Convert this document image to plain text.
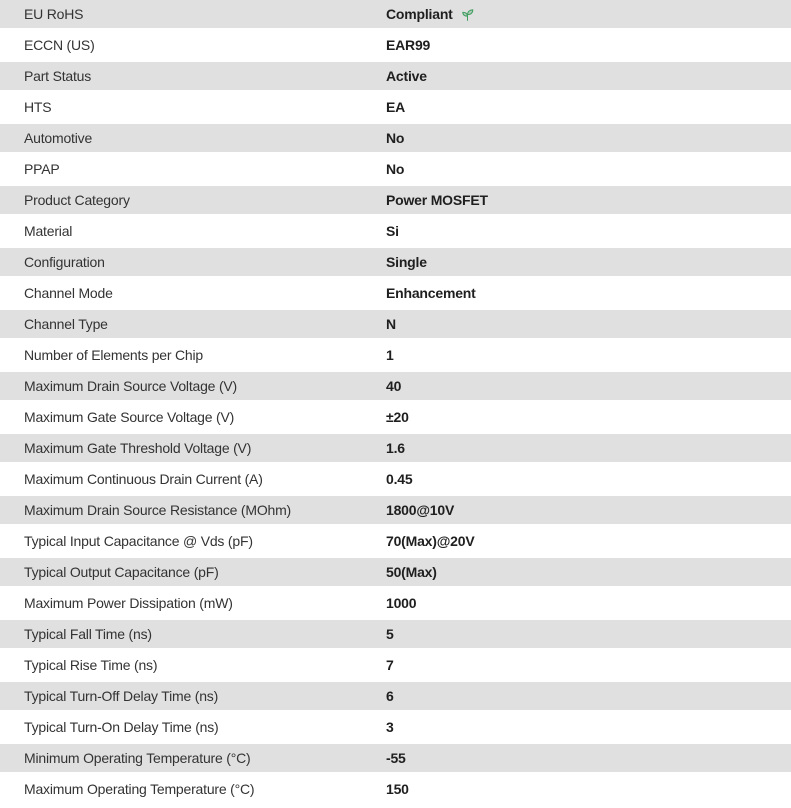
EU RoHS	Compliant
ECCN (US)	EAR99
Part Status	Active
HTS	EA
Automotive	No
PPAP	No
Product Category	Power MOSFET
Material	Si
Configuration	Single
Channel Mode	Enhancement
Channel Type	N
Number of Elements per Chip	1
Maximum Drain Source Voltage (V)	40
Maximum Gate Source Voltage (V)	±20
Maximum Gate Threshold Voltage (V)	1.6
Maximum Continuous Drain Current (A)	0.45
Maximum Drain Source Resistance (MOhm)	1800@10V
Typical Input Capacitance @ Vds (pF)	70(Max)@20V
Typical Output Capacitance (pF)	50(Max)
Maximum Power Dissipation (mW)	1000
Typical Fall Time (ns)	5
Typical Rise Time (ns)	7
Typical Turn-Off Delay Time (ns)	6
Typical Turn-On Delay Time (ns)	3
Minimum Operating Temperature (°C)	-55
Maximum Operating Temperature (°C)	150
